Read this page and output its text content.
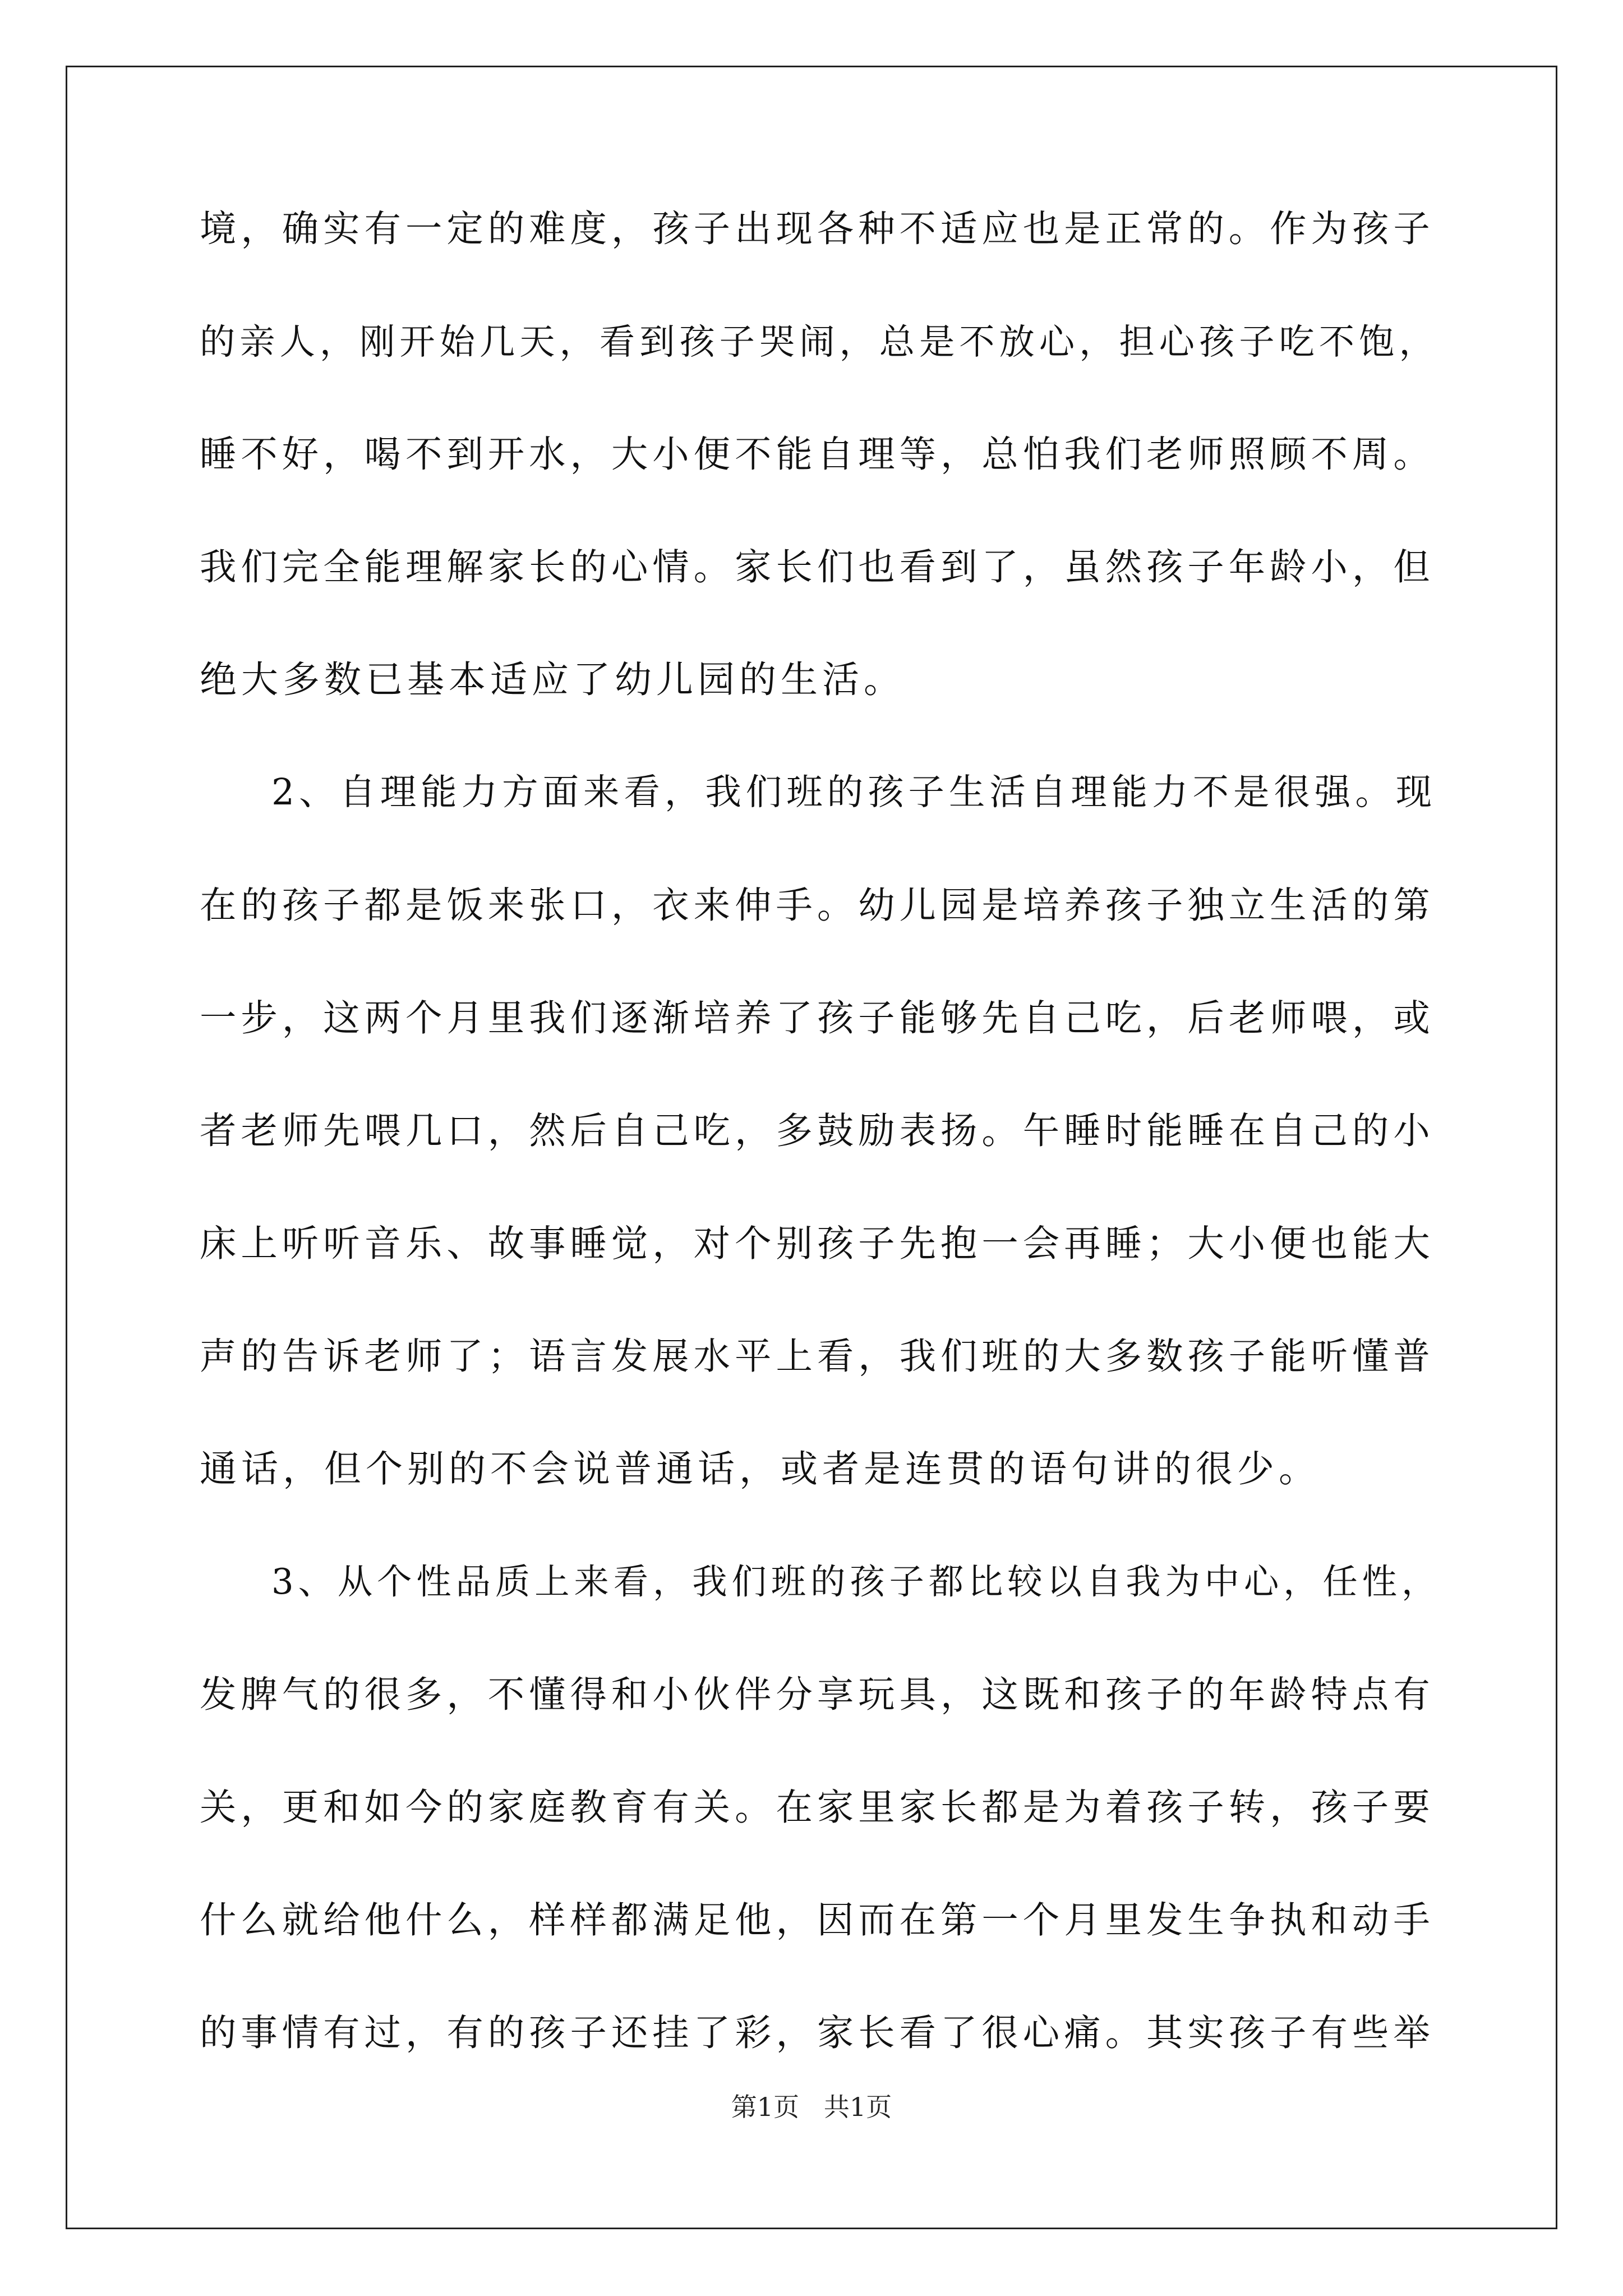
境，确实有一定的难度，孩子出现各种不适应也是正常的。作为孩子
的亲人，刚开始几天，看到孩子哭闹，总是不放心，担心孩子吃不饱，
睡不好，喝不到开水，大小便不能自理等，总怕我们老师照顾不周。
我们完全能理解家长的心情。家长们也看到了，虽然孩子年龄小，但
绝大多数已基本适应了幼儿园的生活。
2、自理能力方面来看，我们班的孩子生活自理能力不是很强。现
在的孩子都是饭来张口，衣来伸手。幼儿园是培养孩子独立生活的第
一步，这两个月里我们逐渐培养了孩子能够先自己吃，后老师喂，或
者老师先喂几口，然后自己吃，多鼓励表扬。午睡时能睡在自己的小
床上听听音乐、故事睡觉，对个别孩子先抱一会再睡；大小便也能大
声的告诉老师了；语言发展水平上看，我们班的大多数孩子能听懂普
通话，但个别的不会说普通话，或者是连贯的语句讲的很少。
3、从个性品质上来看，我们班的孩子都比较以自我为中心，任性，
发脾气的很多，不懂得和小伙伴分享玩具，这既和孩子的年龄特点有
关，更和如今的家庭教育有关。在家里家长都是为着孩子转，孩子要
什么就给他什么，样样都满足他，因而在第一个月里发生争执和动手
的事情有过，有的孩子还挂了彩，家长看了很心痛。其实孩子有些举
第1页   共1页
